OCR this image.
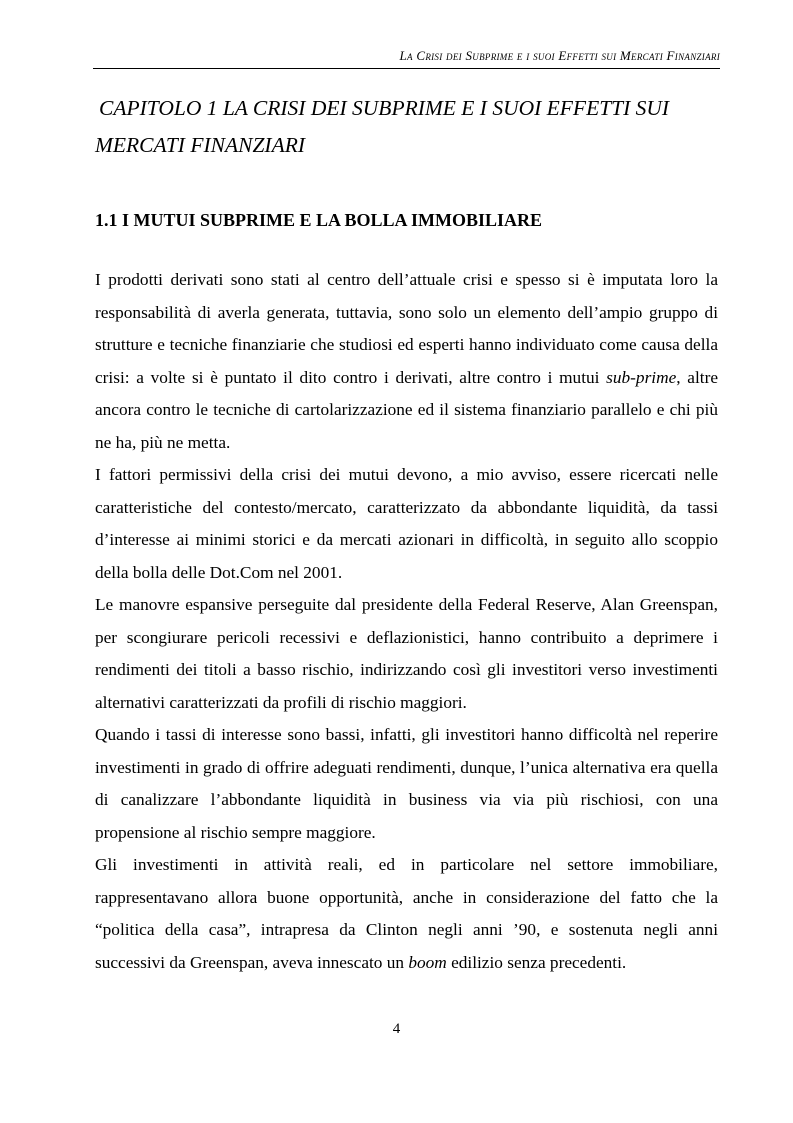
La Crisi dei Subprime e i suoi Effetti sui Mercati Finanziari
CAPITOLO 1 LA CRISI DEI SUBPRIME E I SUOI EFFETTI SUI
MERCATI FINANZIARI
1.1 I MUTUI SUBPRIME E LA BOLLA IMMOBILIARE

I prodotti derivati sono stati al centro dell’attuale crisi e spesso si è imputata loro la responsabilità di averla generata, tuttavia, sono solo un elemento dell’ampio gruppo di strutture e tecniche finanziarie che studiosi ed esperti hanno individuato come causa della crisi: a volte si è puntato il dito contro i derivati, altre contro i mutui sub-prime, altre ancora contro le tecniche di cartolarizzazione ed il sistema finanziario parallelo e chi più ne ha, più ne metta.

I fattori permissivi della crisi dei mutui devono, a mio avviso, essere ricercati nelle caratteristiche del contesto/mercato, caratterizzato da abbondante liquidità, da tassi d’interesse ai minimi storici e da mercati azionari in difficoltà, in seguito allo scoppio della bolla delle Dot.Com nel 2001.

Le manovre espansive perseguite dal presidente della Federal Reserve, Alan Greenspan, per scongiurare pericoli recessivi e deflazionistici, hanno contribuito a deprimere i rendimenti dei titoli a basso rischio, indirizzando così gli investitori verso investimenti alternativi caratterizzati da profili di rischio maggiori.

Quando i tassi di interesse sono bassi, infatti, gli investitori hanno difficoltà nel reperire investimenti in grado di offrire adeguati rendimenti, dunque, l’unica alternativa era quella di canalizzare l’abbondante liquidità in business via via più rischiosi, con una propensione al rischio sempre maggiore.

Gli investimenti in attività reali, ed in particolare nel settore immobiliare, rappresentavano allora buone opportunità, anche in considerazione del fatto che la “politica della casa”, intrapresa da Clinton negli anni ’90, e sostenuta negli anni successivi da Greenspan, aveva innescato un boom edilizio senza precedenti.

4
